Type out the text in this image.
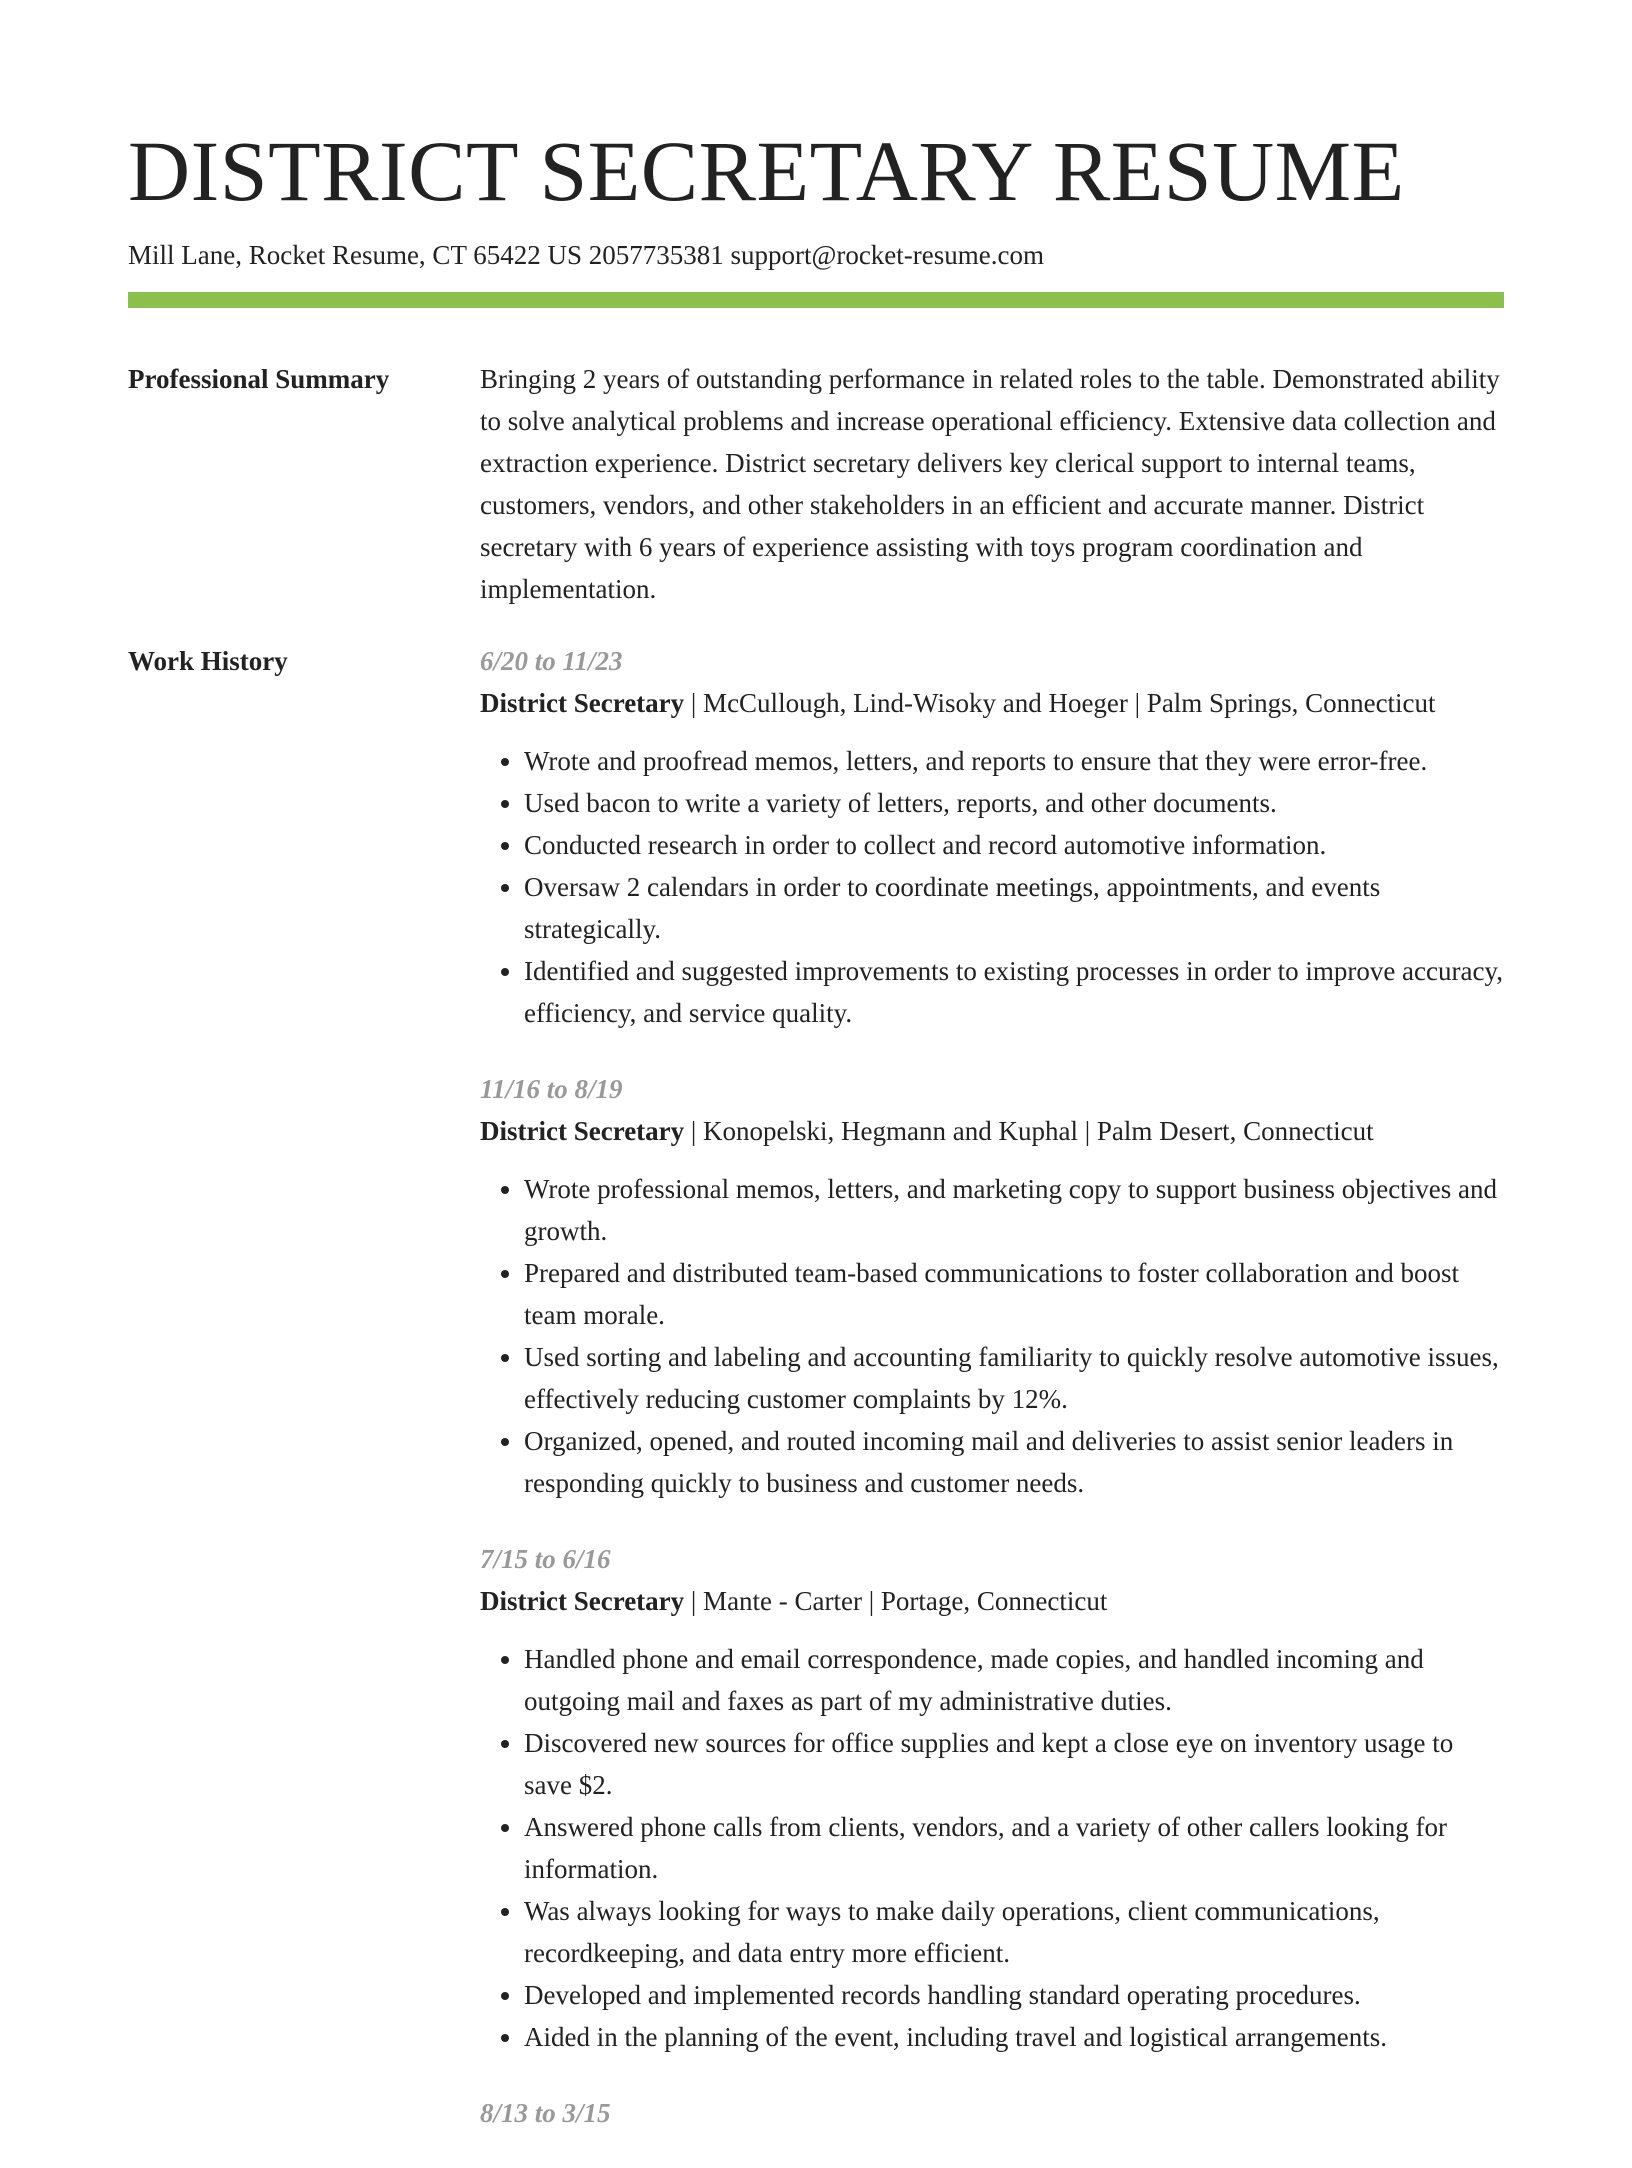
DISTRICT SECRETARY RESUME
Mill Lane, Rocket Resume, CT 65422 US 2057735381 support@rocket-resume.com
Professional Summary	Bringing 2 years of outstanding performance in related roles to the table. Demonstrated ability to solve analytical problems and increase operational efficiency. Extensive data collection and extraction experience. District secretary delivers key clerical support to internal teams, customers, vendors, and other stakeholders in an efficient and accurate manner. District secretary with 6 years of experience assisting with toys program coordination and implementation.
Work History	6/20 to 11/23
District Secretary | McCullough, Lind-Wisoky and Hoeger | Palm Springs, Connecticut
• Wrote and proofread memos, letters, and reports to ensure that they were error-free.
• Used bacon to write a variety of letters, reports, and other documents.
• Conducted research in order to collect and record automotive information.
• Oversaw 2 calendars in order to coordinate meetings, appointments, and events strategically.
• Identified and suggested improvements to existing processes in order to improve accuracy, efficiency, and service quality.
11/16 to 8/19
District Secretary | Konopelski, Hegmann and Kuphal | Palm Desert, Connecticut
• Wrote professional memos, letters, and marketing copy to support business objectives and growth.
• Prepared and distributed team-based communications to foster collaboration and boost team morale.
• Used sorting and labeling and accounting familiarity to quickly resolve automotive issues, effectively reducing customer complaints by 12%.
• Organized, opened, and routed incoming mail and deliveries to assist senior leaders in responding quickly to business and customer needs.
7/15 to 6/16
District Secretary | Mante - Carter | Portage, Connecticut
• Handled phone and email correspondence, made copies, and handled incoming and outgoing mail and faxes as part of my administrative duties.
• Discovered new sources for office supplies and kept a close eye on inventory usage to save $2.
• Answered phone calls from clients, vendors, and a variety of other callers looking for information.
• Was always looking for ways to make daily operations, client communications, recordkeeping, and data entry more efficient.
• Developed and implemented records handling standard operating procedures.
• Aided in the planning of the event, including travel and logistical arrangements.
8/13 to 3/15
